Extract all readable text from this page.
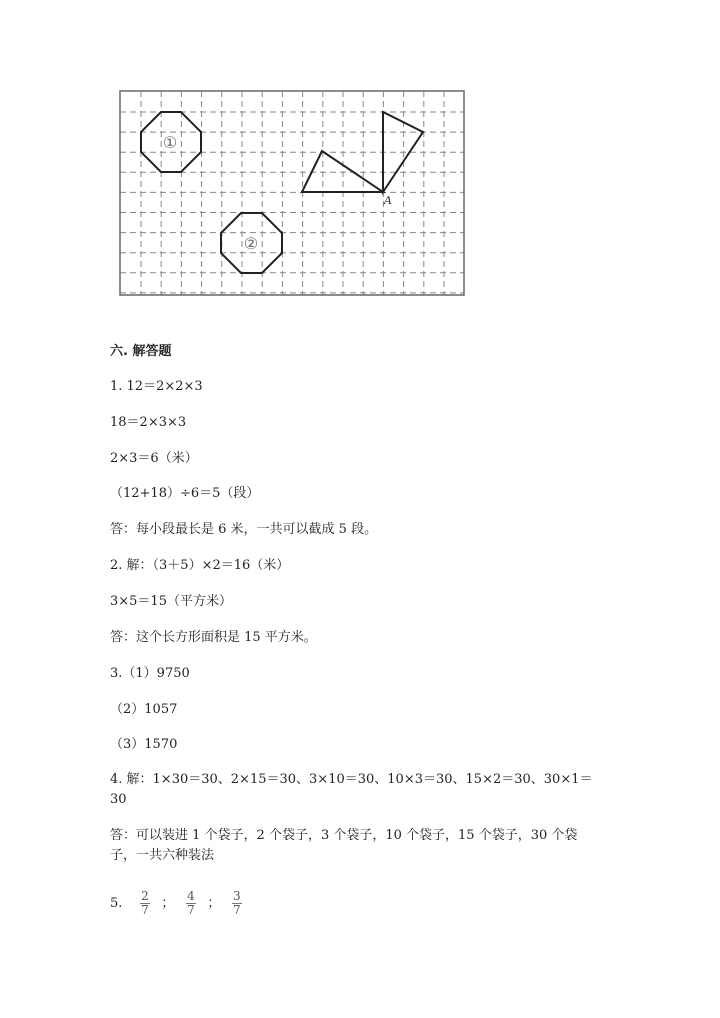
①
②
A
六. 解答题
1. 12＝2×2×3
18＝2×3×3
2×3＝6（米）
（12+18）÷6＝5（段）
答：每小段最长是 6 米，一共可以截成 5 段。
2. 解：（3＋5）×2＝16（米）
3×5＝15（平方米）
答：这个长方形面积是 15 平方米。
3.（1）9750
（2）1057
（3）1570
4. 解：1×30＝30、2×15＝30、3×10＝30、10×3＝30、15×2＝30、30×1＝
30
答：可以装进 1 个袋子，2 个袋子，3 个袋子，10 个袋子，15 个袋子，30 个袋
子，一共六种装法
5. $\frac{2}{7}$ ； $\frac{4}{7}$ ； $\frac{3}{7}$
